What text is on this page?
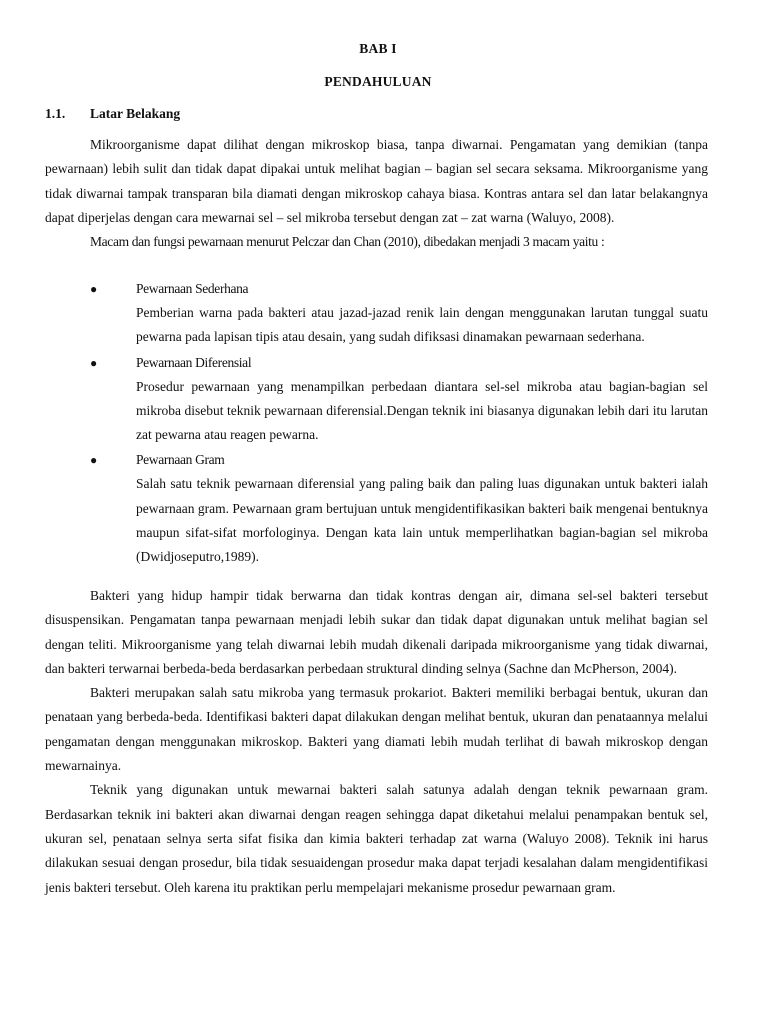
BAB I
PENDAHULUAN
1.1. Latar Belakang

Mikroorganisme dapat dilihat dengan mikroskop biasa, tanpa diwarnai. Pengamatan yang demikian (tanpa pewarnaan) lebih sulit dan tidak dapat dipakai untuk melihat bagian – bagian sel secara seksama. Mikroorganisme yang tidak diwarnai tampak transparan bila diamati dengan mikroskop cahaya biasa. Kontras antara sel dan latar belakangnya dapat diperjelas dengan cara mewarnai sel – sel mikroba tersebut dengan zat – zat warna (Waluyo, 2008).

Macam dan fungsi pewarnaan menurut Pelczar dan Chan (2010), dibedakan menjadi 3 macam yaitu :

●	Pewarnaan Sederhana
Pemberian warna pada bakteri atau jazad-jazad renik lain dengan menggunakan larutan tunggal suatu pewarna pada lapisan tipis atau desain, yang sudah difiksasi dinamakan pewarnaan sederhana.
●	Pewarnaan Diferensial
Prosedur pewarnaan yang menampilkan perbedaan diantara sel-sel mikroba atau bagian-bagian sel mikroba disebut teknik pewarnaan diferensial.Dengan teknik ini biasanya digunakan lebih dari itu larutan zat pewarna atau reagen pewarna.
●	Pewarnaan Gram
Salah satu teknik pewarnaan diferensial yang paling baik dan paling luas digunakan untuk bakteri ialah pewarnaan gram. Pewarnaan gram bertujuan untuk mengidentifikasikan bakteri baik mengenai bentuknya maupun sifat-sifat morfologinya. Dengan kata lain untuk memperlihatkan bagian-bagian sel mikroba (Dwidjoseputro,1989).

Bakteri yang hidup hampir tidak berwarna dan tidak kontras dengan air, dimana sel-sel bakteri tersebut disuspensikan. Pengamatan tanpa pewarnaan menjadi lebih sukar dan tidak dapat digunakan untuk melihat bagian sel dengan teliti. Mikroorganisme yang telah diwarnai lebih mudah dikenali daripada mikroorganisme yang tidak diwarnai, dan bakteri terwarnai berbeda-beda berdasarkan perbedaan struktural dinding selnya (Sachne dan McPherson, 2004).

Bakteri merupakan salah satu mikroba yang termasuk prokariot. Bakteri memiliki berbagai bentuk, ukuran dan penataan yang berbeda-beda. Identifikasi bakteri dapat dilakukan dengan melihat bentuk, ukuran dan penataannya melalui pengamatan dengan menggunakan mikroskop. Bakteri yang diamati lebih mudah terlihat di bawah mikroskop dengan mewarnainya.

Teknik yang digunakan untuk mewarnai bakteri salah satunya adalah dengan teknik pewarnaan gram. Berdasarkan teknik ini bakteri akan diwarnai dengan reagen sehingga dapat diketahui melalui penampakan bentuk sel, ukuran sel, penataan selnya serta sifat fisika dan kimia bakteri terhadap zat warna (Waluyo 2008). Teknik ini harus dilakukan sesuai dengan prosedur, bila tidak sesuaidengan prosedur maka dapat terjadi kesalahan dalam mengidentifikasi jenis bakteri tersebut. Oleh karena itu praktikan perlu mempelajari mekanisme prosedur pewarnaan gram.
